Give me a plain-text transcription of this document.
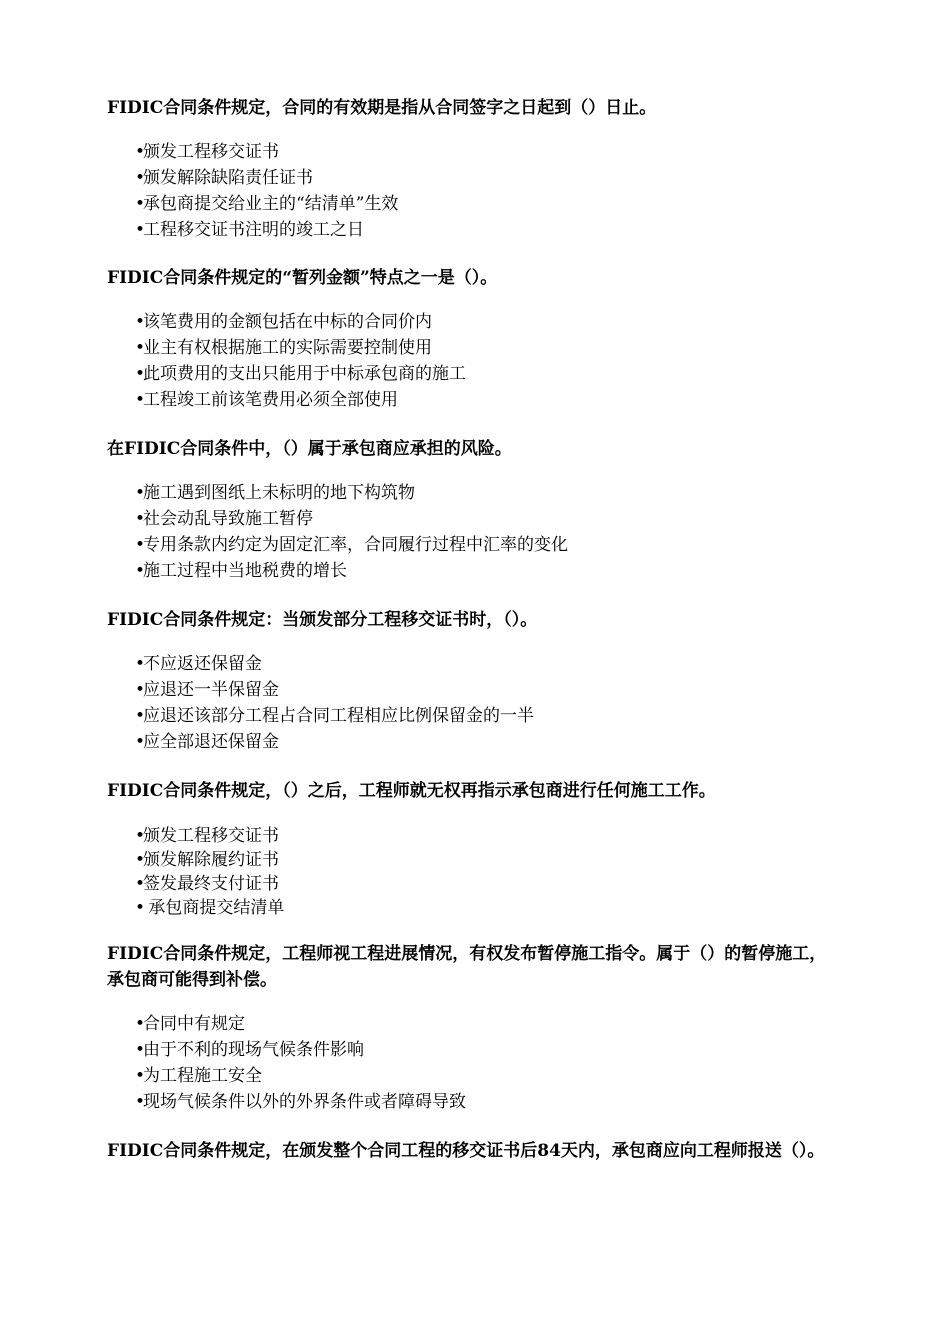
FIDIC合同条件规定，合同的有效期是指从合同签字之日起到（）日止。

•颁发工程移交证书
•颁发解除缺陷责任证书
•承包商提交给业主的“结清单”生效
•工程移交证书注明的竣工之日

FIDIC合同条件规定的“暂列金额”特点之一是（）。

•该笔费用的金额包括在中标的合同价内
•业主有权根据施工的实际需要控制使用
•此项费用的支出只能用于中标承包商的施工
•工程竣工前该笔费用必须全部使用

在FIDIC合同条件中，（）属于承包商应承担的风险。

•施工遇到图纸上未标明的地下构筑物
•社会动乱导致施工暂停
•专用条款内约定为固定汇率，合同履行过程中汇率的变化
•施工过程中当地税费的增长

FIDIC合同条件规定：当颁发部分工程移交证书时，（）。

•不应返还保留金
•应退还一半保留金
•应退还该部分工程占合同工程相应比例保留金的一半
•应全部退还保留金

FIDIC合同条件规定，（）之后，工程师就无权再指示承包商进行任何施工工作。

•颁发工程移交证书
•颁发解除履约证书
•签发最终支付证书
• 承包商提交结清单

FIDIC合同条件规定，工程师视工程进展情况，有权发布暂停施工指令。属于（）的暂停施工，承包商可能得到补偿。

•合同中有规定
•由于不利的现场气候条件影响
•为工程施工安全
•现场气候条件以外的外界条件或者障碍导致

FIDIC合同条件规定，在颁发整个合同工程的移交证书后84天内，承包商应向工程师报送（）。
